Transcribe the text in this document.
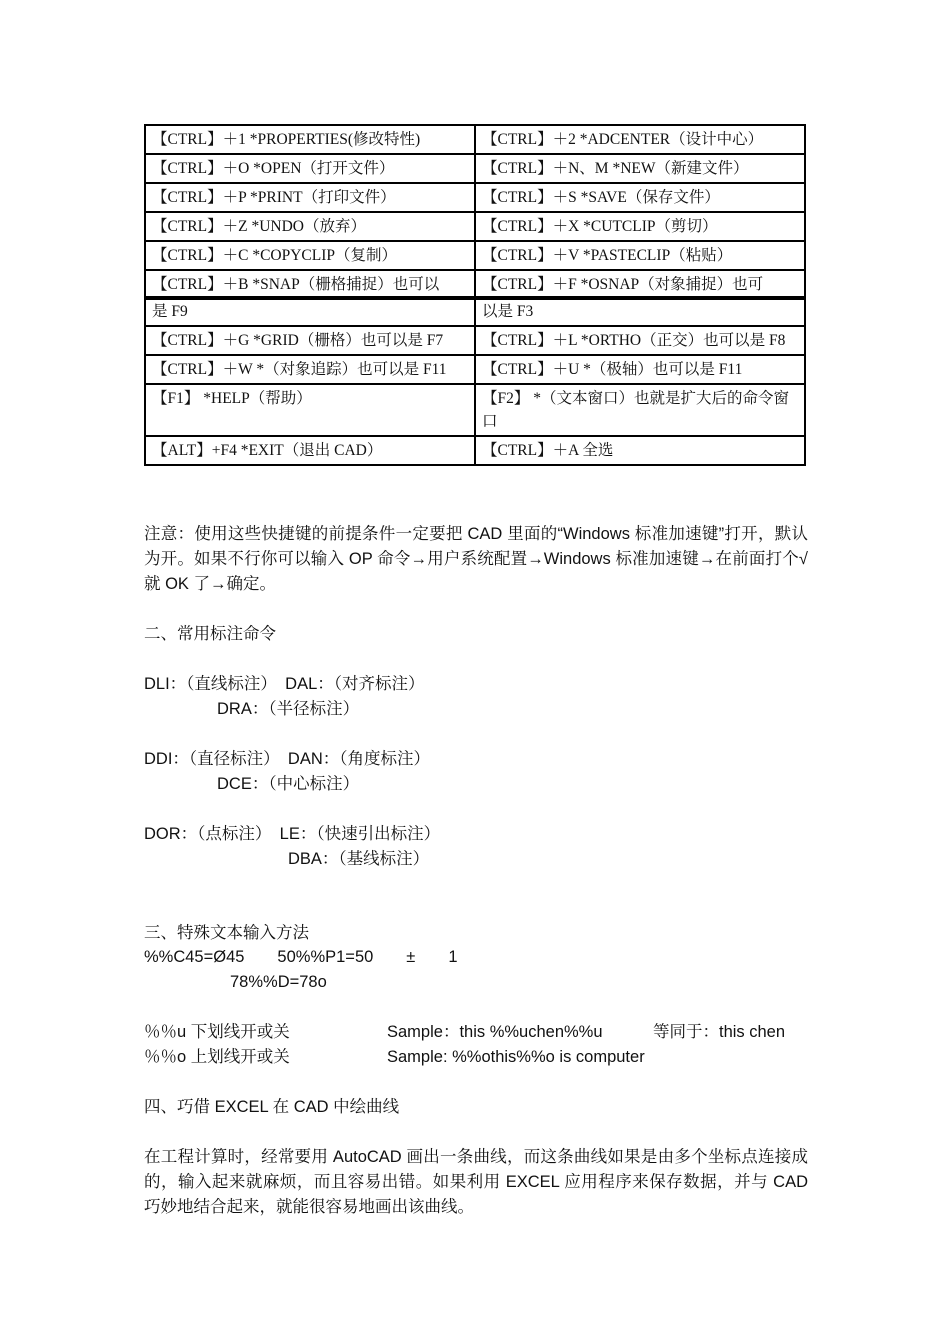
【CTRL】＋1 *PROPERTIES(修改特性)	【CTRL】＋2 *ADCENTER（设计中心）
【CTRL】＋O *OPEN（打开文件）	【CTRL】＋N、M *NEW（新建文件）
【CTRL】＋P *PRINT（打印文件）	【CTRL】＋S *SAVE（保存文件）
【CTRL】＋Z *UNDO（放弃）	【CTRL】＋X *CUTCLIP（剪切）
【CTRL】＋C *COPYCLIP（复制）	【CTRL】＋V *PASTECLIP（粘贴）
【CTRL】＋B *SNAP（栅格捕捉）也可以	【CTRL】＋F *OSNAP（对象捕捉）也可
是 F9	以是 F3
【CTRL】＋G *GRID（栅格）也可以是 F7	【CTRL】＋L *ORTHO（正交）也可以是 F8
【CTRL】＋W *（对象追踪）也可以是 F11	【CTRL】＋U *（极轴）也可以是 F11
【F1】 *HELP（帮助）	【F2】 *（文本窗口）也就是扩大后的命令窗口
【ALT】+F4 *EXIT（退出 CAD）	【CTRL】＋A 全选
注意：使用这些快捷键的前提条件一定要把 CAD 里面的“Windows 标准加速键”打开，默认为开。如果不行你可以输入 OP 命令→用户系统配置→Windows 标准加速键→在前面打个√就 OK 了→确定。
二、常用标注命令
DLI：（直线标注）　DAL：（对齐标注）
DRA：（半径标注）
DDI：（直径标注）　DAN：（角度标注）
DCE：（中心标注）
DOR：（点标注）　LE：（快速引出标注）
DBA：（基线标注）
三、特殊文本输入方法
%%C45=Ø45　　50%%P1=50　　±　　1
78%%D=78o
％％u 下划线开或关	Sample：this %%uchen%%u	等同于：this chen
％％o 上划线开或关	Sample: %%othis%%o is computer
四、巧借 EXCEL 在 CAD 中绘曲线
在工程计算时，经常要用 AutoCAD 画出一条曲线，而这条曲线如果是由多个坐标点连接成的，输入起来就麻烦，而且容易出错。如果利用 EXCEL 应用程序来保存数据，并与 CAD 巧妙地结合起来，就能很容易地画出该曲线。
